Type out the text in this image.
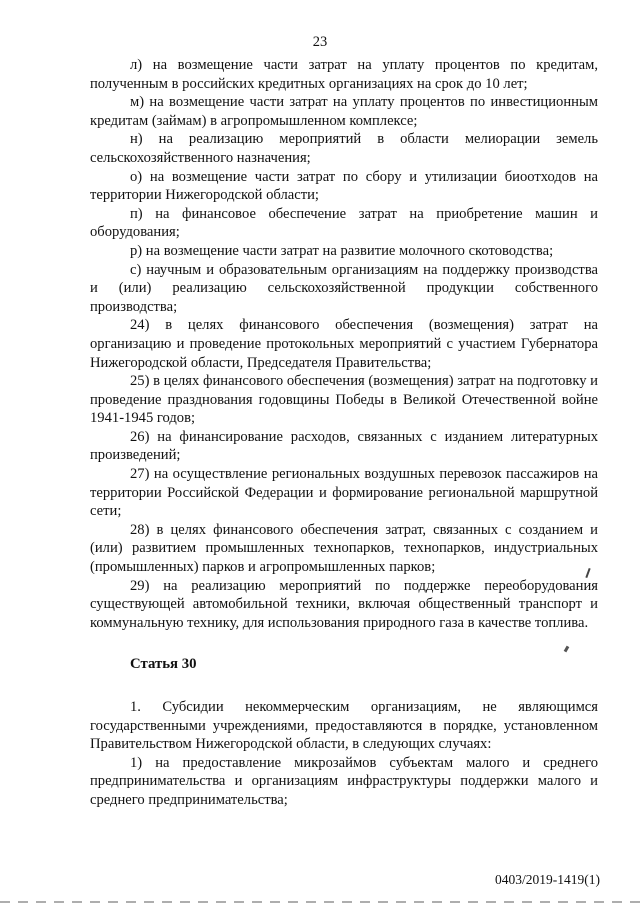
23

л) на возмещение части затрат на уплату процентов по кредитам, полученным в российских кредитных организациях на срок до 10 лет;

м) на возмещение части затрат на уплату процентов по инвестиционным кредитам (займам) в агропромышленном комплексе;

н) на реализацию мероприятий в области мелиорации земель сельскохозяйственного назначения;

о) на возмещение части затрат по сбору и утилизации биоотходов на территории Нижегородской области;

п) на финансовое обеспечение затрат на приобретение машин и оборудования;

р) на возмещение части затрат на развитие молочного скотоводства;

с) научным и образовательным организациям на поддержку производства и (или) реализацию сельскохозяйственной продукции собственного производства;

24) в целях финансового обеспечения (возмещения) затрат на организацию и проведение протокольных мероприятий с участием Губернатора Нижегородской области, Председателя Правительства;

25) в целях финансового обеспечения (возмещения) затрат на подготовку и проведение празднования годовщины Победы в Великой Отечественной войне 1941-1945 годов;

26) на финансирование расходов, связанных с изданием литературных произведений;

27) на осуществление региональных воздушных перевозок пассажиров на территории Российской Федерации и формирование региональной маршрутной сети;

28) в целях финансового обеспечения затрат, связанных с созданием и (или) развитием промышленных технопарков, технопарков, индустриальных (промышленных) парков и агропромышленных парков;

29) на реализацию мероприятий по поддержке переоборудования существующей автомобильной техники, включая общественный транспорт и коммунальную технику, для использования природного газа в качестве топлива.

Статья 30

1. Субсидии некоммерческим организациям, не являющимся государственными учреждениями, предоставляются в порядке, установленном Правительством Нижегородской области, в следующих случаях:

1) на предоставление микрозаймов субъектам малого и среднего предпринимательства и организациям инфраструктуры поддержки малого и среднего предпринимательства;

0403/2019-1419(1)
